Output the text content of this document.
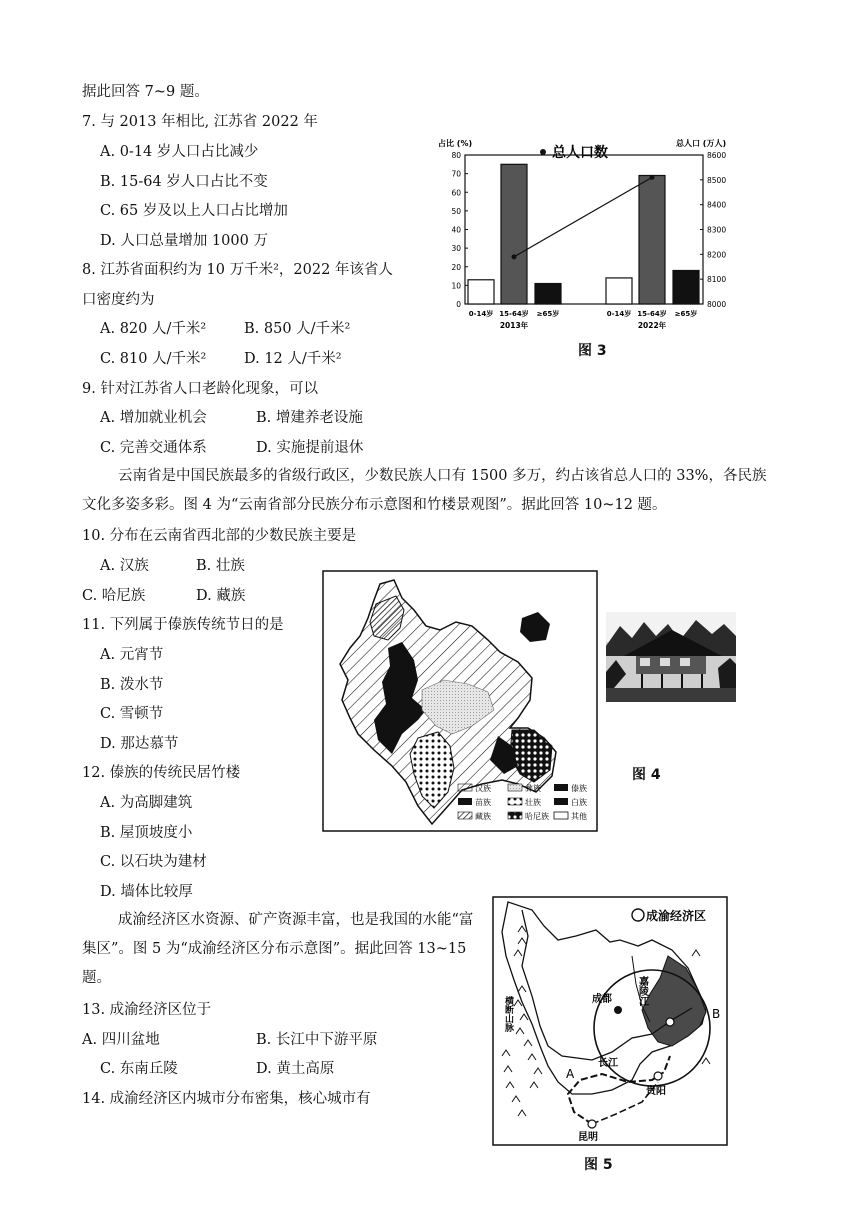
据此回答 7~9 题。
7. 与 2013 年相比, 江苏省 2022 年
A. 0-14 岁人口占比减少
B. 15-64 岁人口占比不变
C. 65 岁及以上人口占比增加
D. 人口总量增加 1000 万
8. 江苏省面积约为 10 万千米²，2022 年该省人
口密度约为
A. 820 人/千米²	B. 850 人/千米²
C. 810 人/千米²	D. 12 人/千米²
9. 针对江苏省人口老龄化现象，可以
A. 增加就业机会	B. 增建养老设施
C. 完善交通体系	D. 实施提前退休
云南省是中国民族最多的省级行政区，少数民族人口有 1500 多万，约占该省总人口的 33%，各民族文化多姿多彩。图 4 为“云南省部分民族分布示意图和竹楼景观图”。据此回答 10~12 题。
10. 分布在云南省西北部的少数民族主要是
A. 汉族	B. 壮族
C. 哈尼族	D. 藏族
11. 下列属于傣族传统节日的是
A. 元宵节
B. 泼水节
C. 雪顿节
D. 那达慕节
12. 傣族的传统民居竹楼
A. 为高脚建筑
B. 屋顶坡度小
C. 以石块为建材
D. 墙体比较厚
成渝经济区水资源、矿产资源丰富，也是我国的水能“富集区”。图 5 为“成渝经济区分布示意图”。据此回答 13~15 题。
13. 成渝经济区位于
A. 四川盆地	B. 长江中下游平原
C. 东南丘陵	D. 黄土高原
14. 成渝经济区内城市分布密集，核心城市有
占比 (%)	总人口 (万人)
总人口数
0
10
20
30
40
50
60
70
80
8000
8100
8200
8300
8400
8500
8600
0-14岁 15-64岁 ≥65岁	0-14岁 15-64岁 ≥65岁
2013年	2022年
图 3
汉族	彝族	傣族
苗族	壮族	白族
藏族	哈尼族	其他
图 4
成渝经济区
成都 嘉陵江
横断山脉
长江
贵阳
昆明
A
B
图 5
